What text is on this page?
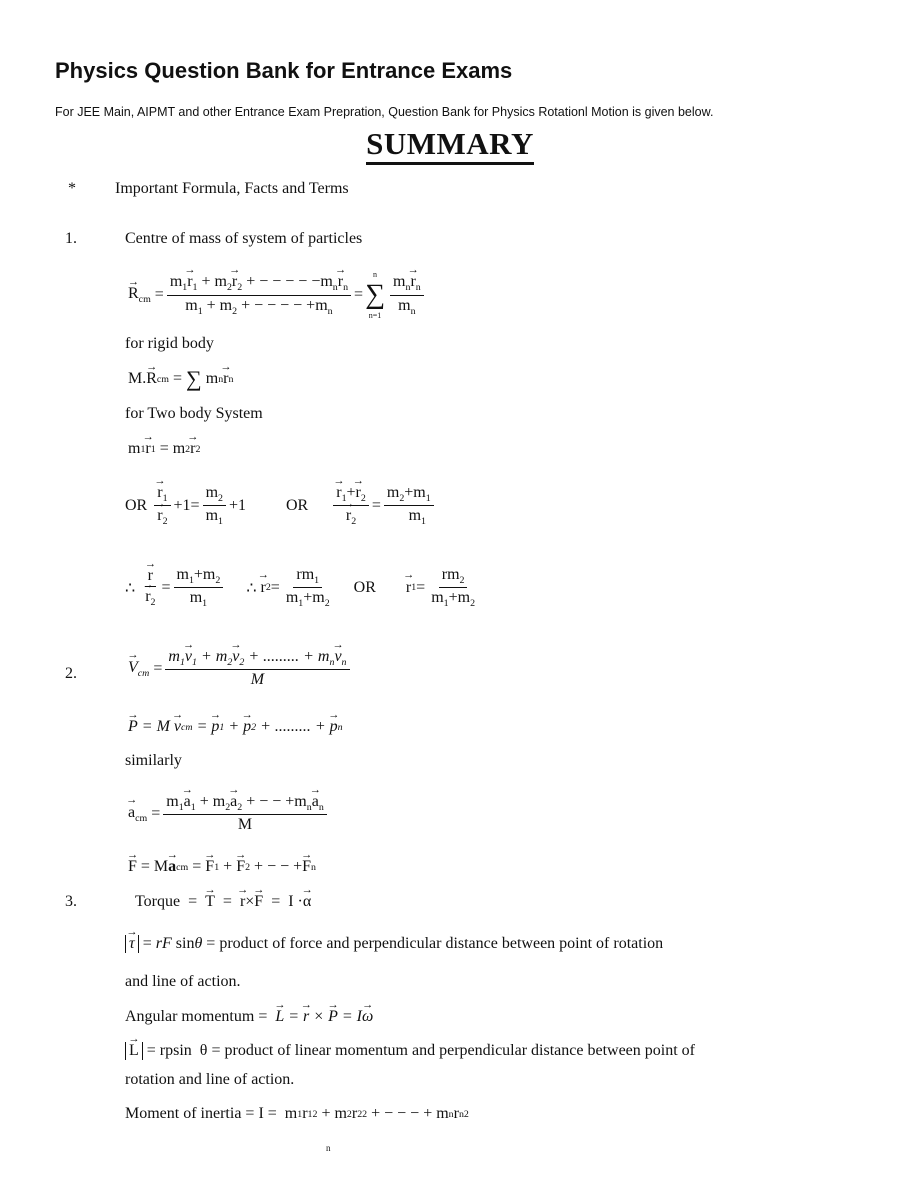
Physics Question Bank for Entrance Exams
For JEE Main, AIPMT and other Entrance Exam Prepration, Question Bank for Physics Rotationl Motion is given below.
SUMMARY
* Important Formula, Facts and Terms
1.	Centre of mass of system of particles
→ $R_{cm} = \frac{m_1\to r_1 + m_2\to r_2 + - - - - -m_n\to r_n}{m_1 + m_2 + - - - - +m_n}$ =
n
∑
$n=1 \frac{m_n\to r_n}{m_n}$
for rigid body
M. → R cm = ∑ m n → r n
for Two body System
m 1 → r 1 = m 2 → r 2
OR
→ $r_1$
→ $r_2 +1= \frac{m_2}{m_1} +1$	OR → $r_1+\to r_2$
→ $r_2 = \frac{m_2+m_1}{m_1}$
∴
→ r
→ $r_2 = \frac{m_1+m_2}{m_1}$ ∴
→ r $2 = \frac{rm_1}{m_1+m_2}$ OR → r $1 = \frac{rm_2}{m_1+m_2}$
2.	→ $V_{cm} = \frac{m_1\to v_1 + m_2\to v_2 + ......... + m_n\to v_n}{M}$
→ P = M → v cm = → p 1 + → p 2 + ......... + → p n
similarly
→ $a_{cm} = \frac{m_1\to a_1 + m_2\to a_2 + - - +m_n\to a_n}{M}$
→ F = M → a cm = → F 1 + → F 2 + − − + → F n
3.	Torque = → T = → r × → F =  I · → α
→ τ = rF sin θ
= product of force and perpendicular distance between point of rotation
and line of action.
Angular momentum =
→ L = → r × → P = I→ ω
→ L = rpsin  θ = product of linear momentum and perpendicular distance between point of
rotation and line of action.
Moment of inertia = I = m 1 r 1 2 + m 2 r 2 2 + − − − + m n r n 2
n
